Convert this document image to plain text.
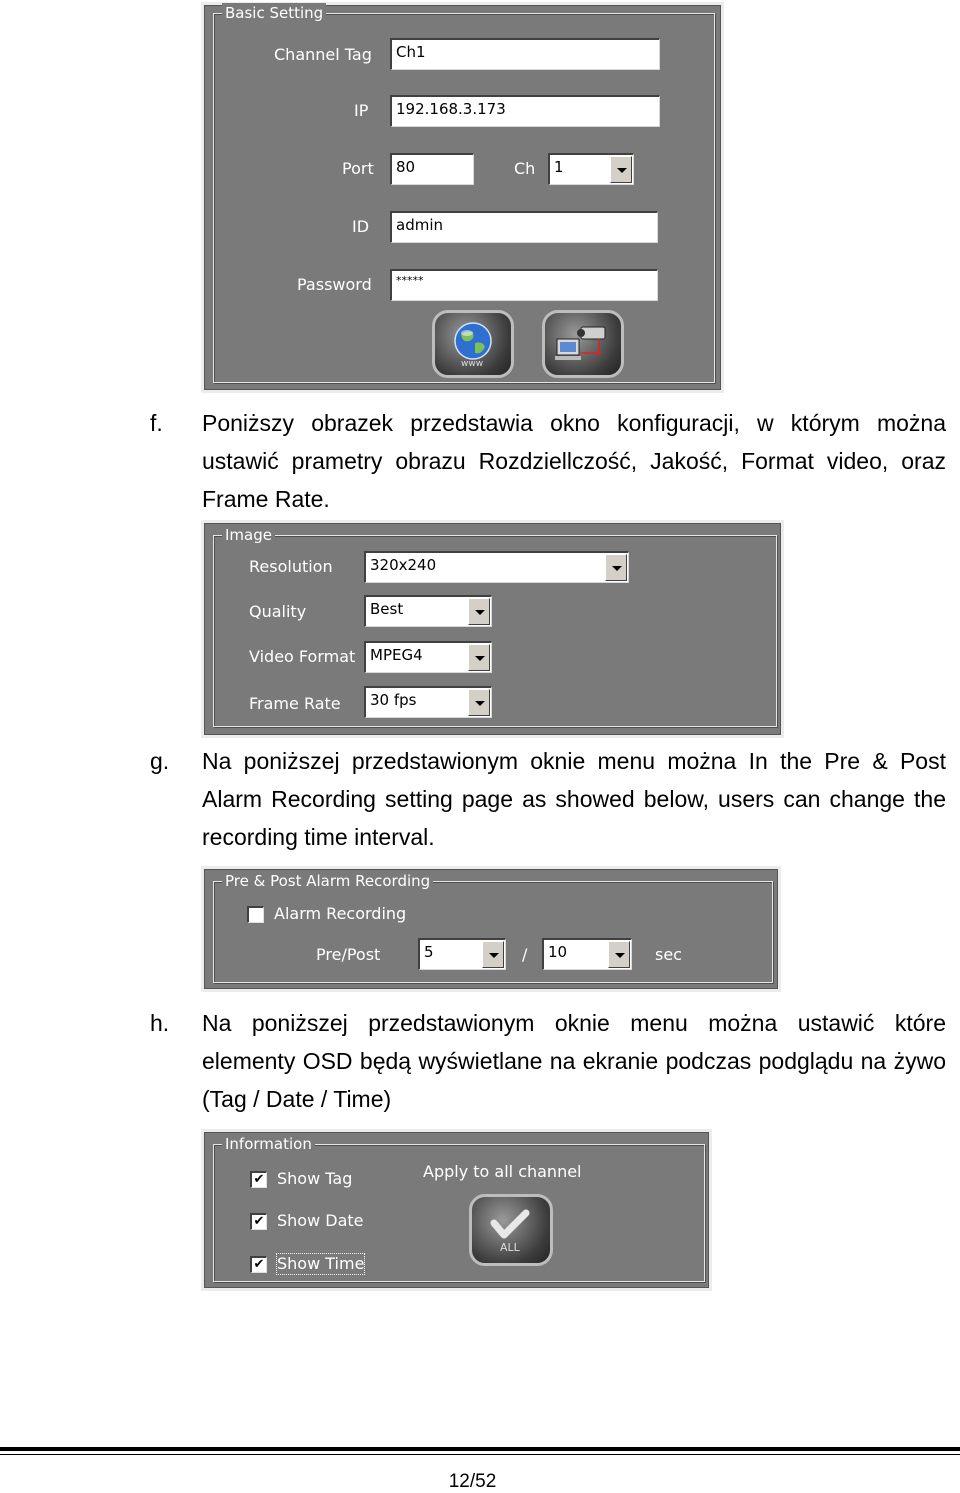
Basic Setting
Channel Tag	Ch1
IP	192.168.3.173
Port	80	Ch	1
ID	admin
Password	*****
www
f. Poniższy obrazek przedstawia okno konfiguracji, w którym można ustawić prametry obrazu Rozdziellczość, Jakość, Format video, oraz Frame Rate.
Image
Resolution	320x240
Quality	Best
Video Format MPEG4
Frame Rate	30 fps
g. Na poniższej przedstawionym oknie menu można In the Pre & Post Alarm Recording setting page as showed below, users can change the recording time interval.
Pre & Post Alarm Recording
Alarm Recording
Pre/Post	5	/	10	sec
h. Na poniższej przedstawionym oknie menu można ustawić które elementy OSD będą wyświetlane na ekranie podczas podglądu na żywo (Tag / Date / Time)
Information
✔ Show Tag
✔ Show Date
✔ Show Time
Apply to all channel
ALL
12/52
